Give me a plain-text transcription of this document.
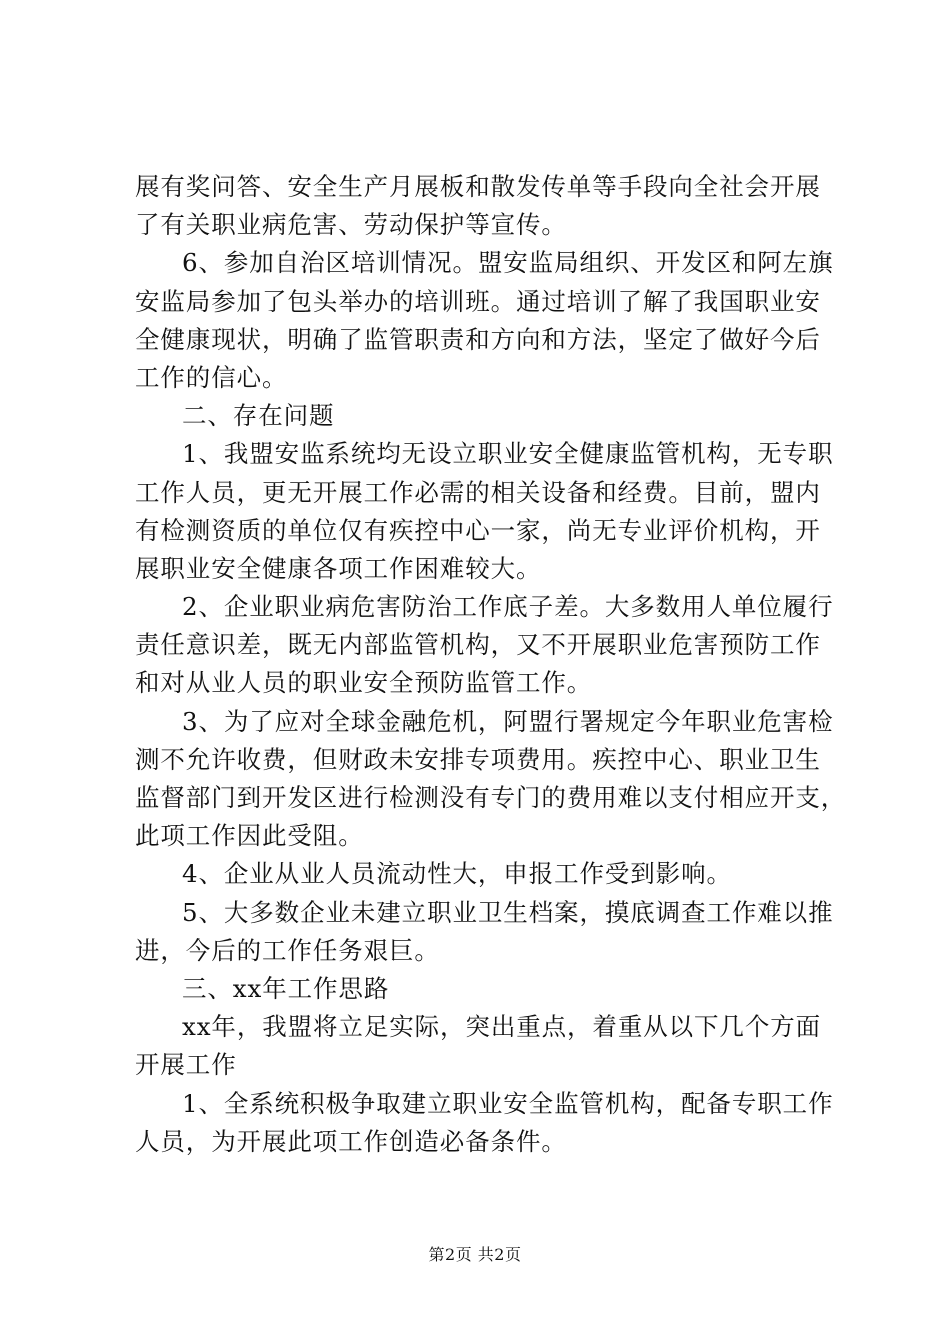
展有奖问答、安全生产月展板和散发传单等手段向全社会开展
了有关职业病危害、劳动保护等宣传。
6、参加自治区培训情况。盟安监局组织、开发区和阿左旗
安监局参加了包头举办的培训班。通过培训了解了我国职业安
全健康现状，明确了监管职责和方向和方法，坚定了做好今后
工作的信心。
二、存在问题
1、我盟安监系统均无设立职业安全健康监管机构，无专职
工作人员，更无开展工作必需的相关设备和经费。目前，盟内
有检测资质的单位仅有疾控中心一家，尚无专业评价机构，开
展职业安全健康各项工作困难较大。
2、企业职业病危害防治工作底子差。大多数用人单位履行
责任意识差，既无内部监管机构，又不开展职业危害预防工作
和对从业人员的职业安全预防监管工作。
3、为了应对全球金融危机，阿盟行署规定今年职业危害检
测不允许收费，但财政未安排专项费用。疾控中心、职业卫生
监督部门到开发区进行检测没有专门的费用难以支付相应开支，
此项工作因此受阻。
4、企业从业人员流动性大，申报工作受到影响。
5、大多数企业未建立职业卫生档案，摸底调查工作难以推
进，今后的工作任务艰巨。
三、xx年工作思路
xx年，我盟将立足实际，突出重点，着重从以下几个方面
开展工作
1、全系统积极争取建立职业安全监管机构，配备专职工作
人员，为开展此项工作创造必备条件。
第2页 共2页
